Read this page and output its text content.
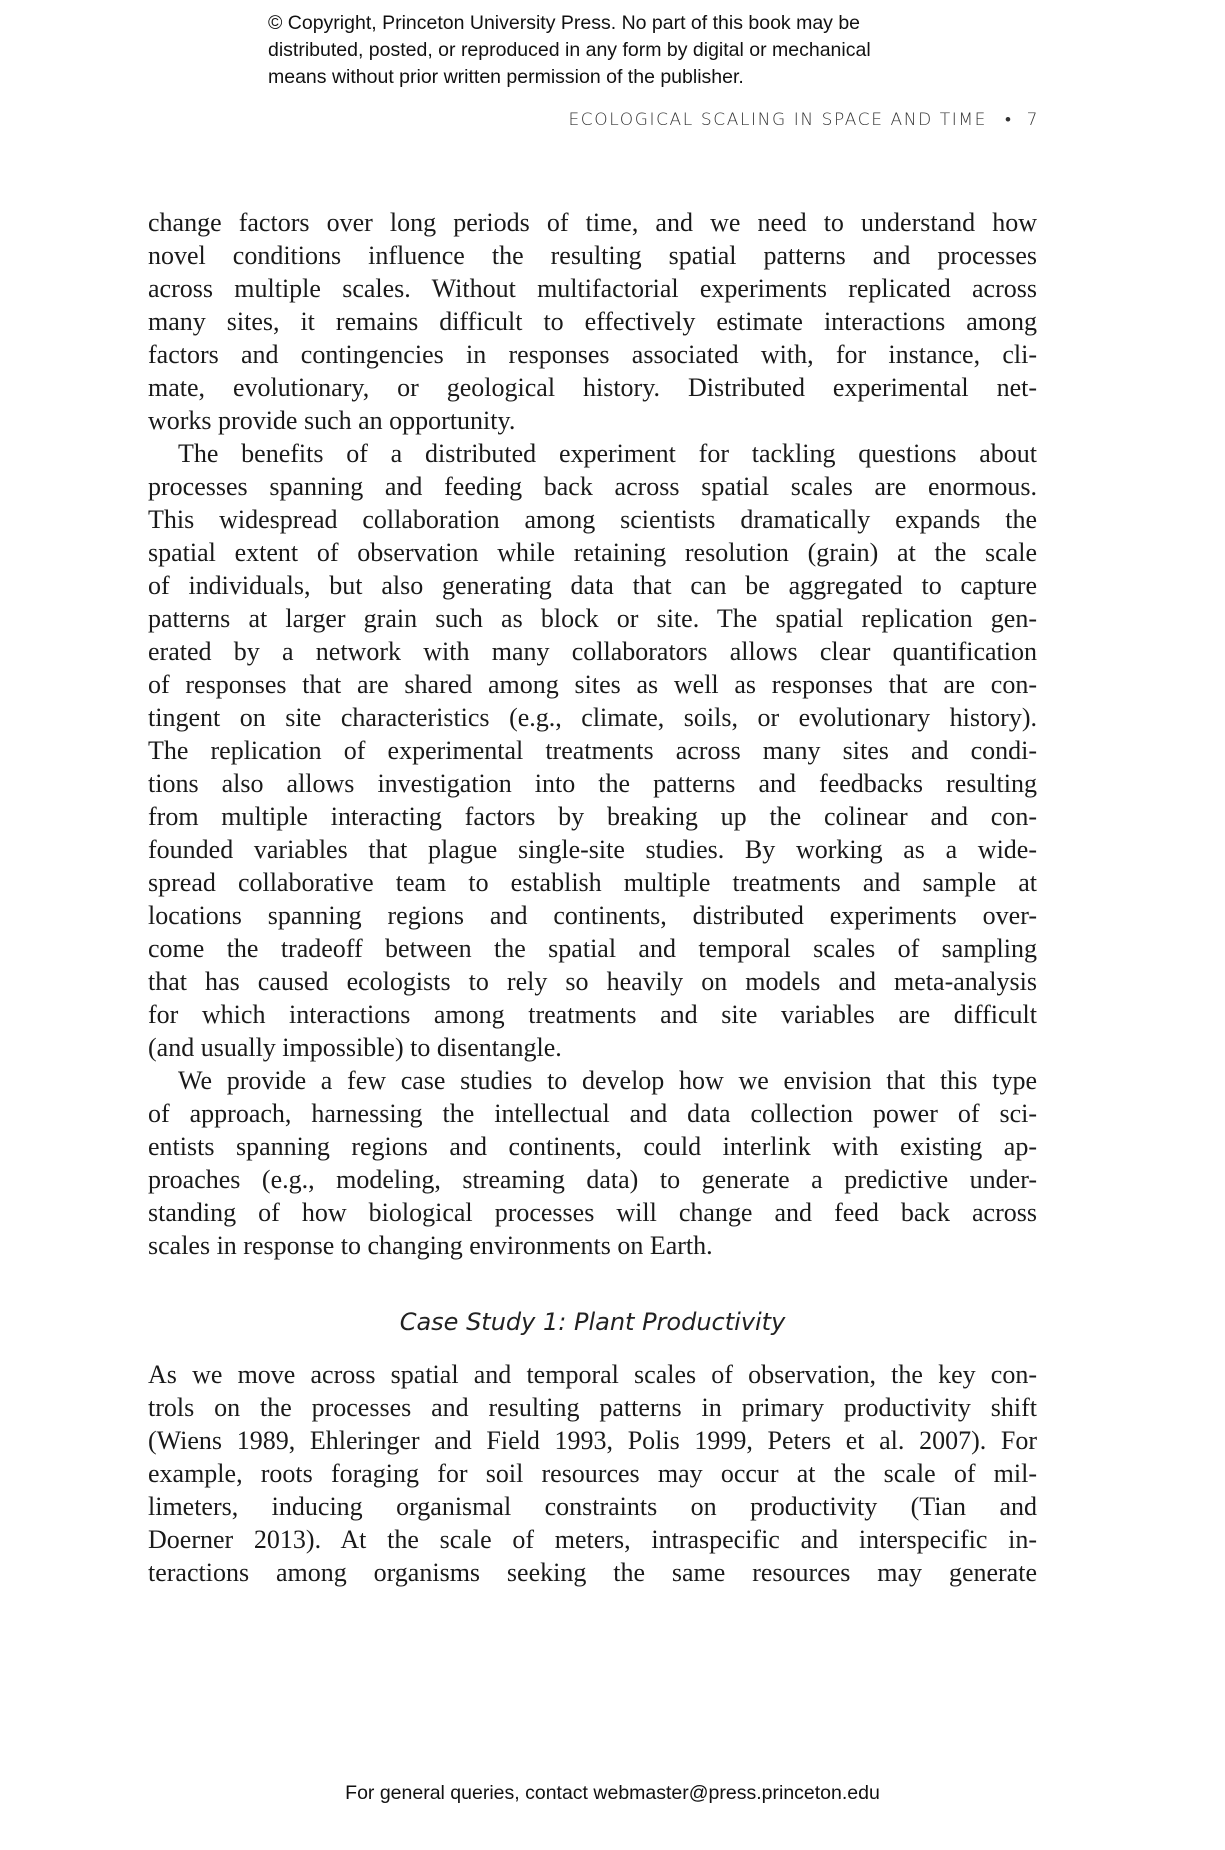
© Copyright, Princeton University Press. No part of this book may be
distributed, posted, or reproduced in any form by digital or mechanical
means without prior written permission of the publisher.
ECOLOGICAL SCALING IN SPACE AND TIME • 7
change factors over long periods of time, and we need to understand how
novel conditions influence the resulting spatial patterns and processes
across multiple scales. Without multifactorial experiments replicated across
many sites, it remains difficult to effectively estimate interactions among
factors and contingencies in responses associated with, for instance, cli-
mate, evolutionary, or geological history. Distributed experimental net-
works provide such an opportunity.
The benefits of a distributed experiment for tackling questions about
processes spanning and feeding back across spatial scales are enormous.
This widespread collaboration among scientists dramatically expands the
spatial extent of observation while retaining resolution (grain) at the scale
of individuals, but also generating data that can be aggregated to capture
patterns at larger grain such as block or site. The spatial replication gen-
erated by a network with many collaborators allows clear quantification
of responses that are shared among sites as well as responses that are con-
tingent on site characteristics (e.g., climate, soils, or evolutionary history).
The replication of experimental treatments across many sites and condi-
tions also allows investigation into the patterns and feedbacks resulting
from multiple interacting factors by breaking up the colinear and con-
founded variables that plague single-site studies. By working as a wide-
spread collaborative team to establish multiple treatments and sample at
locations spanning regions and continents, distributed experiments over-
come the tradeoff between the spatial and temporal scales of sampling
that has caused ecologists to rely so heavily on models and meta-analysis
for which interactions among treatments and site variables are difficult
(and usually impossible) to disentangle.
We provide a few case studies to develop how we envision that this type
of approach, harnessing the intellectual and data collection power of sci-
entists spanning regions and continents, could interlink with existing ap-
proaches (e.g., modeling, streaming data) to generate a predictive under-
standing of how biological processes will change and feed back across
scales in response to changing environments on Earth.
Case Study 1: Plant Productivity
As we move across spatial and temporal scales of observation, the key con-
trols on the processes and resulting patterns in primary productivity shift
(Wiens 1989, Ehleringer and Field 1993, Polis 1999, Peters et al. 2007). For
example, roots foraging for soil resources may occur at the scale of mil-
limeters, inducing organismal constraints on productivity (Tian and
Doerner 2013). At the scale of meters, intraspecific and interspecific in-
teractions among organisms seeking the same resources may generate
For general queries, contact webmaster@press.princeton.edu
